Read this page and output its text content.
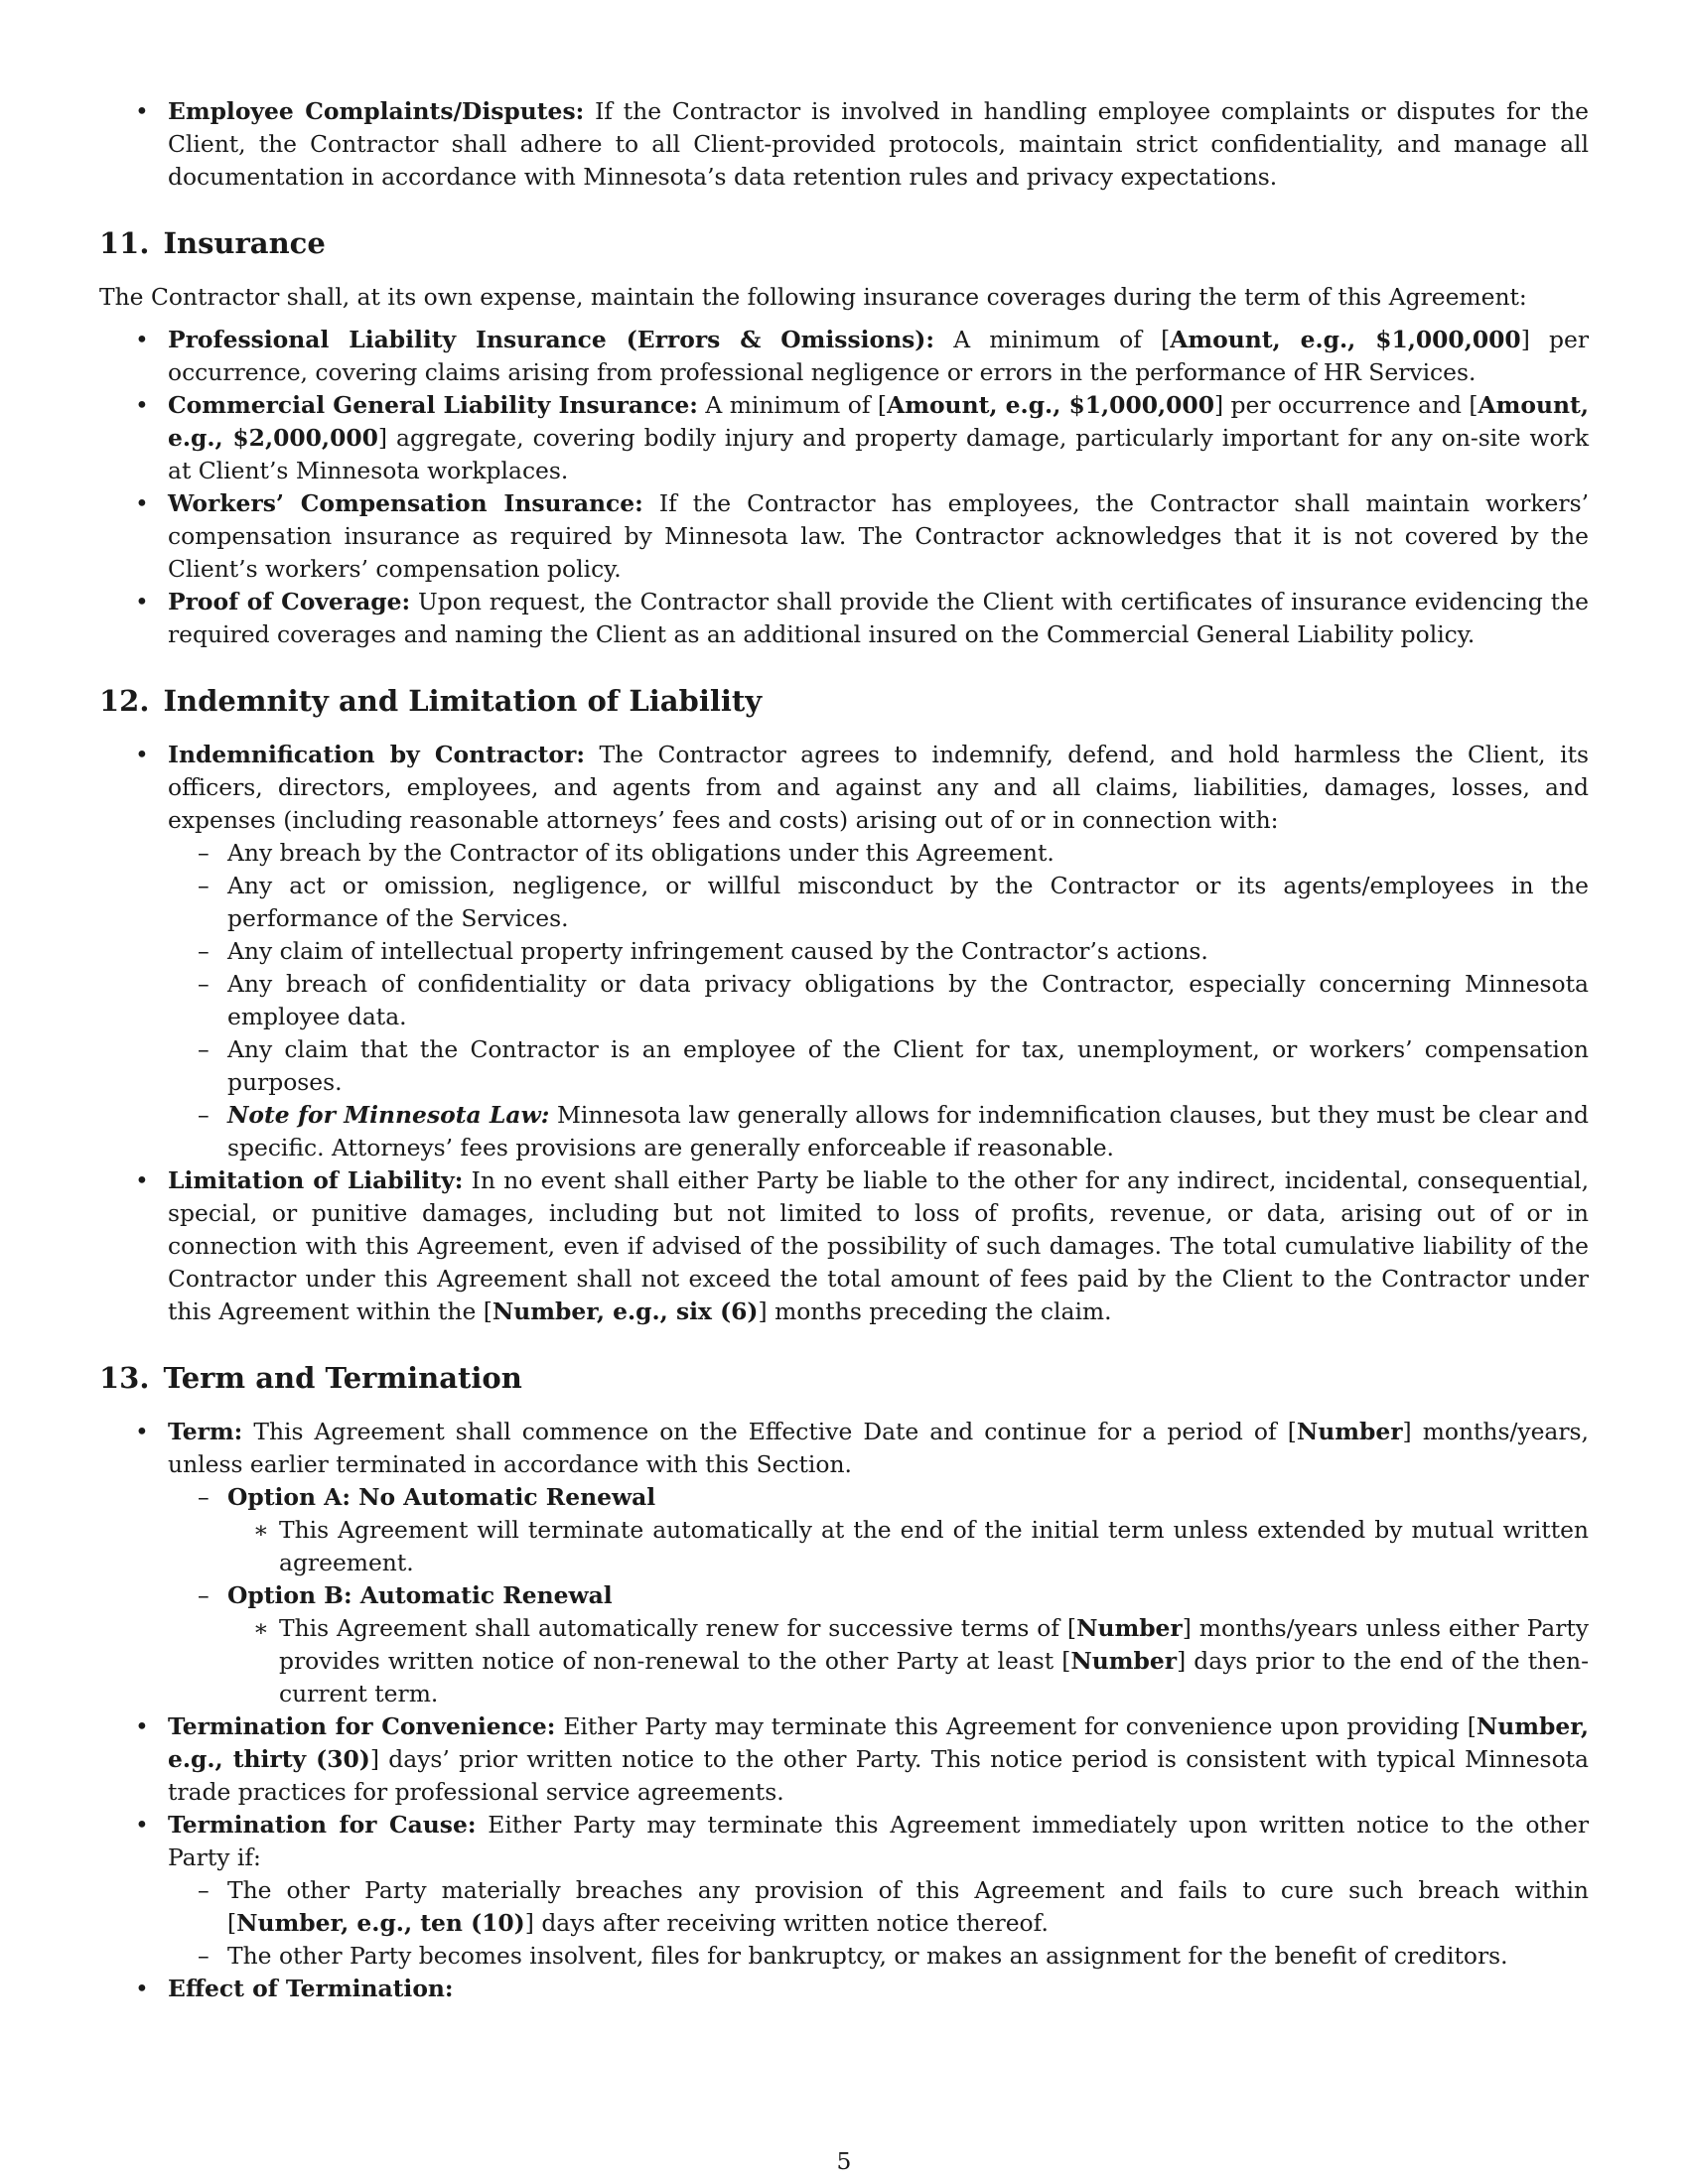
• Employee Complaints/Disputes: If the Contractor is involved in handling employee complaints or disputes for the Client, the Contractor shall adhere to all Client-provided protocols, maintain strict confidentiality, and manage all documentation in accordance with Minnesota’s data retention rules and privacy expectations.
11. Insurance

The Contractor shall, at its own expense, maintain the following insurance coverages during the term of this Agreement:

• Professional Liability Insurance (Errors & Omissions): A minimum of [Amount, e.g., $1,000,000] per occurrence, covering claims arising from professional negligence or errors in the performance of HR Services.
• Commercial General Liability Insurance: A minimum of [Amount, e.g., $1,000,000] per occurrence and [Amount, e.g., $2,000,000] aggregate, covering bodily injury and property damage, particularly important for any on-site work at Client’s Minnesota workplaces.
• Workers’ Compensation Insurance: If the Contractor has employees, the Contractor shall maintain workers’ compensation insurance as required by Minnesota law. The Contractor acknowledges that it is not covered by the Client’s workers’ compensation policy.
• Proof of Coverage: Upon request, the Contractor shall provide the Client with certificates of insurance evidencing the required coverages and naming the Client as an additional insured on the Commercial General Liability policy.
12. Indemnity and Limitation of Liability
• Indemnification by Contractor: The Contractor agrees to indemnify, defend, and hold harmless the Client, its officers, directors, employees, and agents from and against any and all claims, liabilities, damages, losses, and expenses (including reasonable attorneys’ fees and costs) arising out of or in connection with:
– Any breach by the Contractor of its obligations under this Agreement.
– Any act or omission, negligence, or willful misconduct by the Contractor or its agents/employees in the performance of the Services.
– Any claim of intellectual property infringement caused by the Contractor’s actions.
– Any breach of confidentiality or data privacy obligations by the Contractor, especially concerning Minnesota employee data.
– Any claim that the Contractor is an employee of the Client for tax, unemployment, or workers’ compensation purposes.
– Note for Minnesota Law: Minnesota law generally allows for indemnification clauses, but they must be clear and specific. Attorneys’ fees provisions are generally enforceable if reasonable.
• Limitation of Liability: In no event shall either Party be liable to the other for any indirect, incidental, consequential, special, or punitive damages, including but not limited to loss of profits, revenue, or data, arising out of or in connection with this Agreement, even if advised of the possibility of such damages. The total cumulative liability of the Contractor under this Agreement shall not exceed the total amount of fees paid by the Client to the Contractor under this Agreement within the [Number, e.g., six (6)] months preceding the claim.
13. Term and Termination
• Term: This Agreement shall commence on the Effective Date and continue for a period of [Number] months/years, unless earlier terminated in accordance with this Section.
– Option A: No Automatic Renewal
∗ This Agreement will terminate automatically at the end of the initial term unless extended by mutual written agreement.
– Option B: Automatic Renewal
∗ This Agreement shall automatically renew for successive terms of [Number] months/years unless either Party provides written notice of non-renewal to the other Party at least [Number] days prior to the end of the then-current term.
• Termination for Convenience: Either Party may terminate this Agreement for convenience upon providing [Number, e.g., thirty (30)] days’ prior written notice to the other Party. This notice period is consistent with typical Minnesota trade practices for professional service agreements.
• Termination for Cause: Either Party may terminate this Agreement immediately upon written notice to the other Party if:
– The other Party materially breaches any provision of this Agreement and fails to cure such breach within [Number, e.g., ten (10)] days after receiving written notice thereof.
– The other Party becomes insolvent, files for bankruptcy, or makes an assignment for the benefit of creditors.
• Effect of Termination:
5
